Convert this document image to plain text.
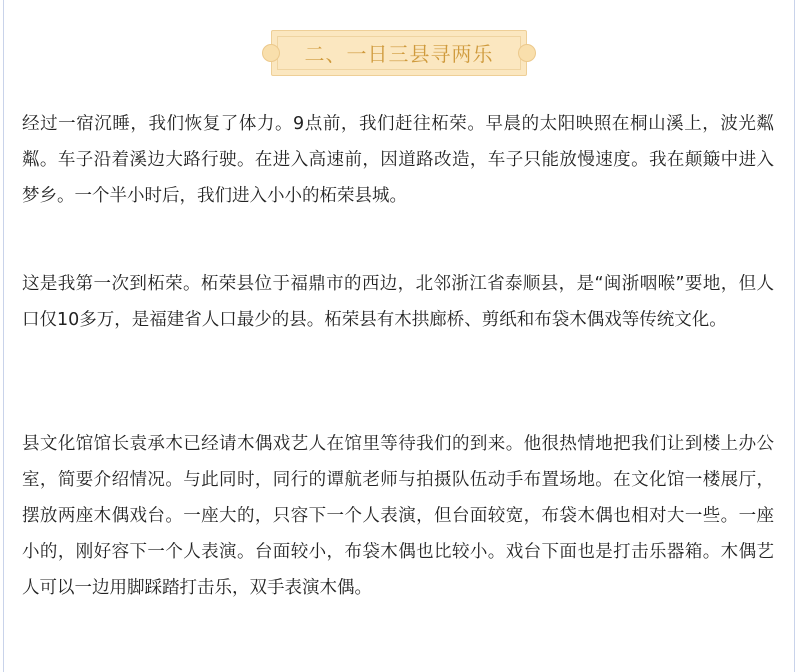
二、一日三县寻两乐

经过一宿沉睡，我们恢复了体力。9点前，我们赶往柘荣。早晨的太阳映照在桐山溪上，波光粼粼。车子沿着溪边大路行驶。在进入高速前，因道路改造，车子只能放慢速度。我在颠簸中进入梦乡。一个半小时后，我们进入小小的柘荣县城。

这是我第一次到柘荣。柘荣县位于福鼎市的西边，北邻浙江省泰顺县，是“闽浙咽喉”要地，但人口仅10多万，是福建省人口最少的县。柘荣县有木拱廊桥、剪纸和布袋木偶戏等传统文化。

县文化馆馆长袁承木已经请木偶戏艺人在馆里等待我们的到来。他很热情地把我们让到楼上办公室，简要介绍情况。与此同时，同行的谭航老师与拍摄队伍动手布置场地。在文化馆一楼展厅，摆放两座木偶戏台。一座大的，只容下一个人表演，但台面较宽，布袋木偶也相对大一些。一座小的，刚好容下一个人表演。台面较小，布袋木偶也比较小。戏台下面也是打击乐器箱。木偶艺人可以一边用脚踩踏打击乐，双手表演木偶。
